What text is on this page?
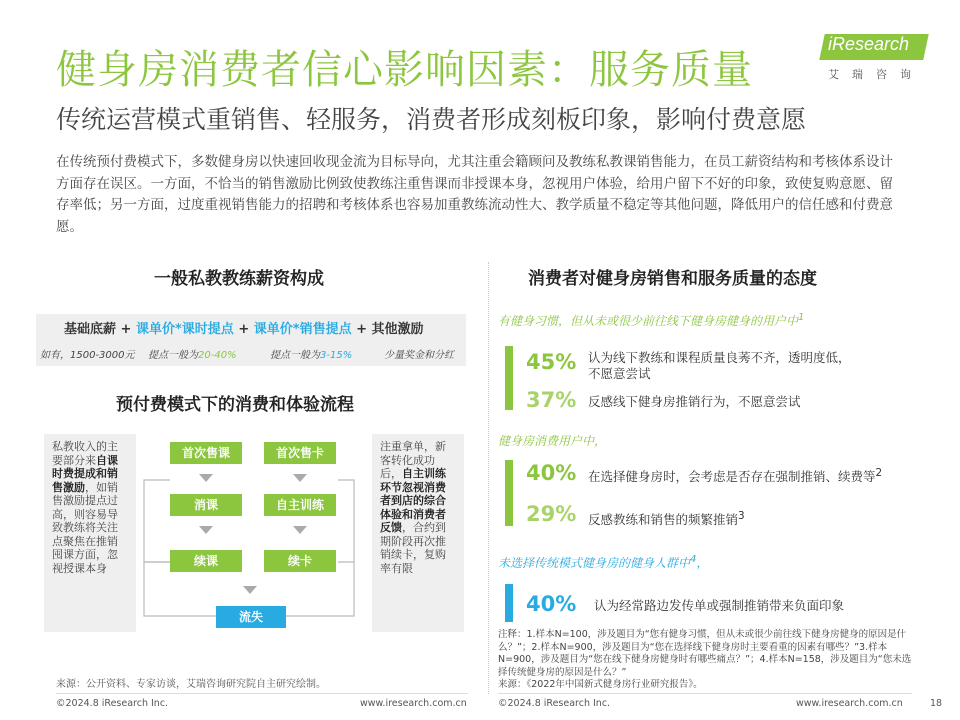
健身房消费者信心影响因素：服务质量
传统运营模式重销售、轻服务，消费者形成刻板印象，影响付费意愿
iResearch
艾瑞咨询
在传统预付费模式下，多数健身房以快速回收现金流为目标导向，尤其注重会籍顾问及教练私教课销售能力，在员工薪资结构和考核体系设计方面存在误区。一方面，不恰当的销售激励比例致使教练注重售课而非授课本身，忽视用户体验，给用户留下不好的印象，致使复购意愿、留存率低；另一方面，过度重视销售能力的招聘和考核体系也容易加重教练流动性大、教学质量不稳定等其他问题，降低用户的信任感和付费意愿。
一般私教教练薪资构成
基础底薪 + 课单价*课时提点 + 课单价*销售提点 + 其他激励
如有，1500-3000元 提点一般为20-40%	提点一般为3-15%	少量奖金和分红
预付费模式下的消费和体验流程
私教收入的主要部分来自课时费提成和销售激励，如销售激励提点过高，则容易导致教练将关注点聚焦在推销囤课方面，忽视授课本身
注重拿单，新客转化成功后，自主训练环节忽视消费者到店的综合体验和消费者反馈，合约到期阶段再次推销续卡，复购率有限
首次售课	首次售卡
消课	自主训练
续课	续卡
流失
来源：公开资料、专家访谈，艾瑞咨询研究院自主研究绘制。
消费者对健身房销售和服务质量的态度
有健身习惯，但从未或很少前往线下健身房健身的用户中$^1$
45% 认为线下教练和课程质量良莠不齐，透明度低，
不愿意尝试
37% 反感线下健身房推销行为，不愿意尝试
健身房消费用户中，
40% 在选择健身房时，会考虑是否存在强制推销、续费等$^2$
29% 反感教练和销售的频繁推销$^3$
未选择传统模式健身房的健身人群中$^4$，
40% 认为经常路边发传单或强制推销带来负面印象
注释：1.样本N=100，涉及题目为“您有健身习惯，但从未或很少前往线下健身房健身的原因是什么？”；2.样本N=900，涉及题目为“您在选择线下健身房时主要看重的因素有哪些？”3.样本N=900，涉及题目为“您在线下健身房健身时有哪些痛点？”；4.样本N=158，涉及题目为“您未选择传统健身房的原因是什么？”
来源：《2022年中国新式健身房行业研究报告》。
©2024.8 iResearch Inc.	www.iresearch.com.cn	©2024.8 iResearch Inc.	www.iresearch.com.cn	18
